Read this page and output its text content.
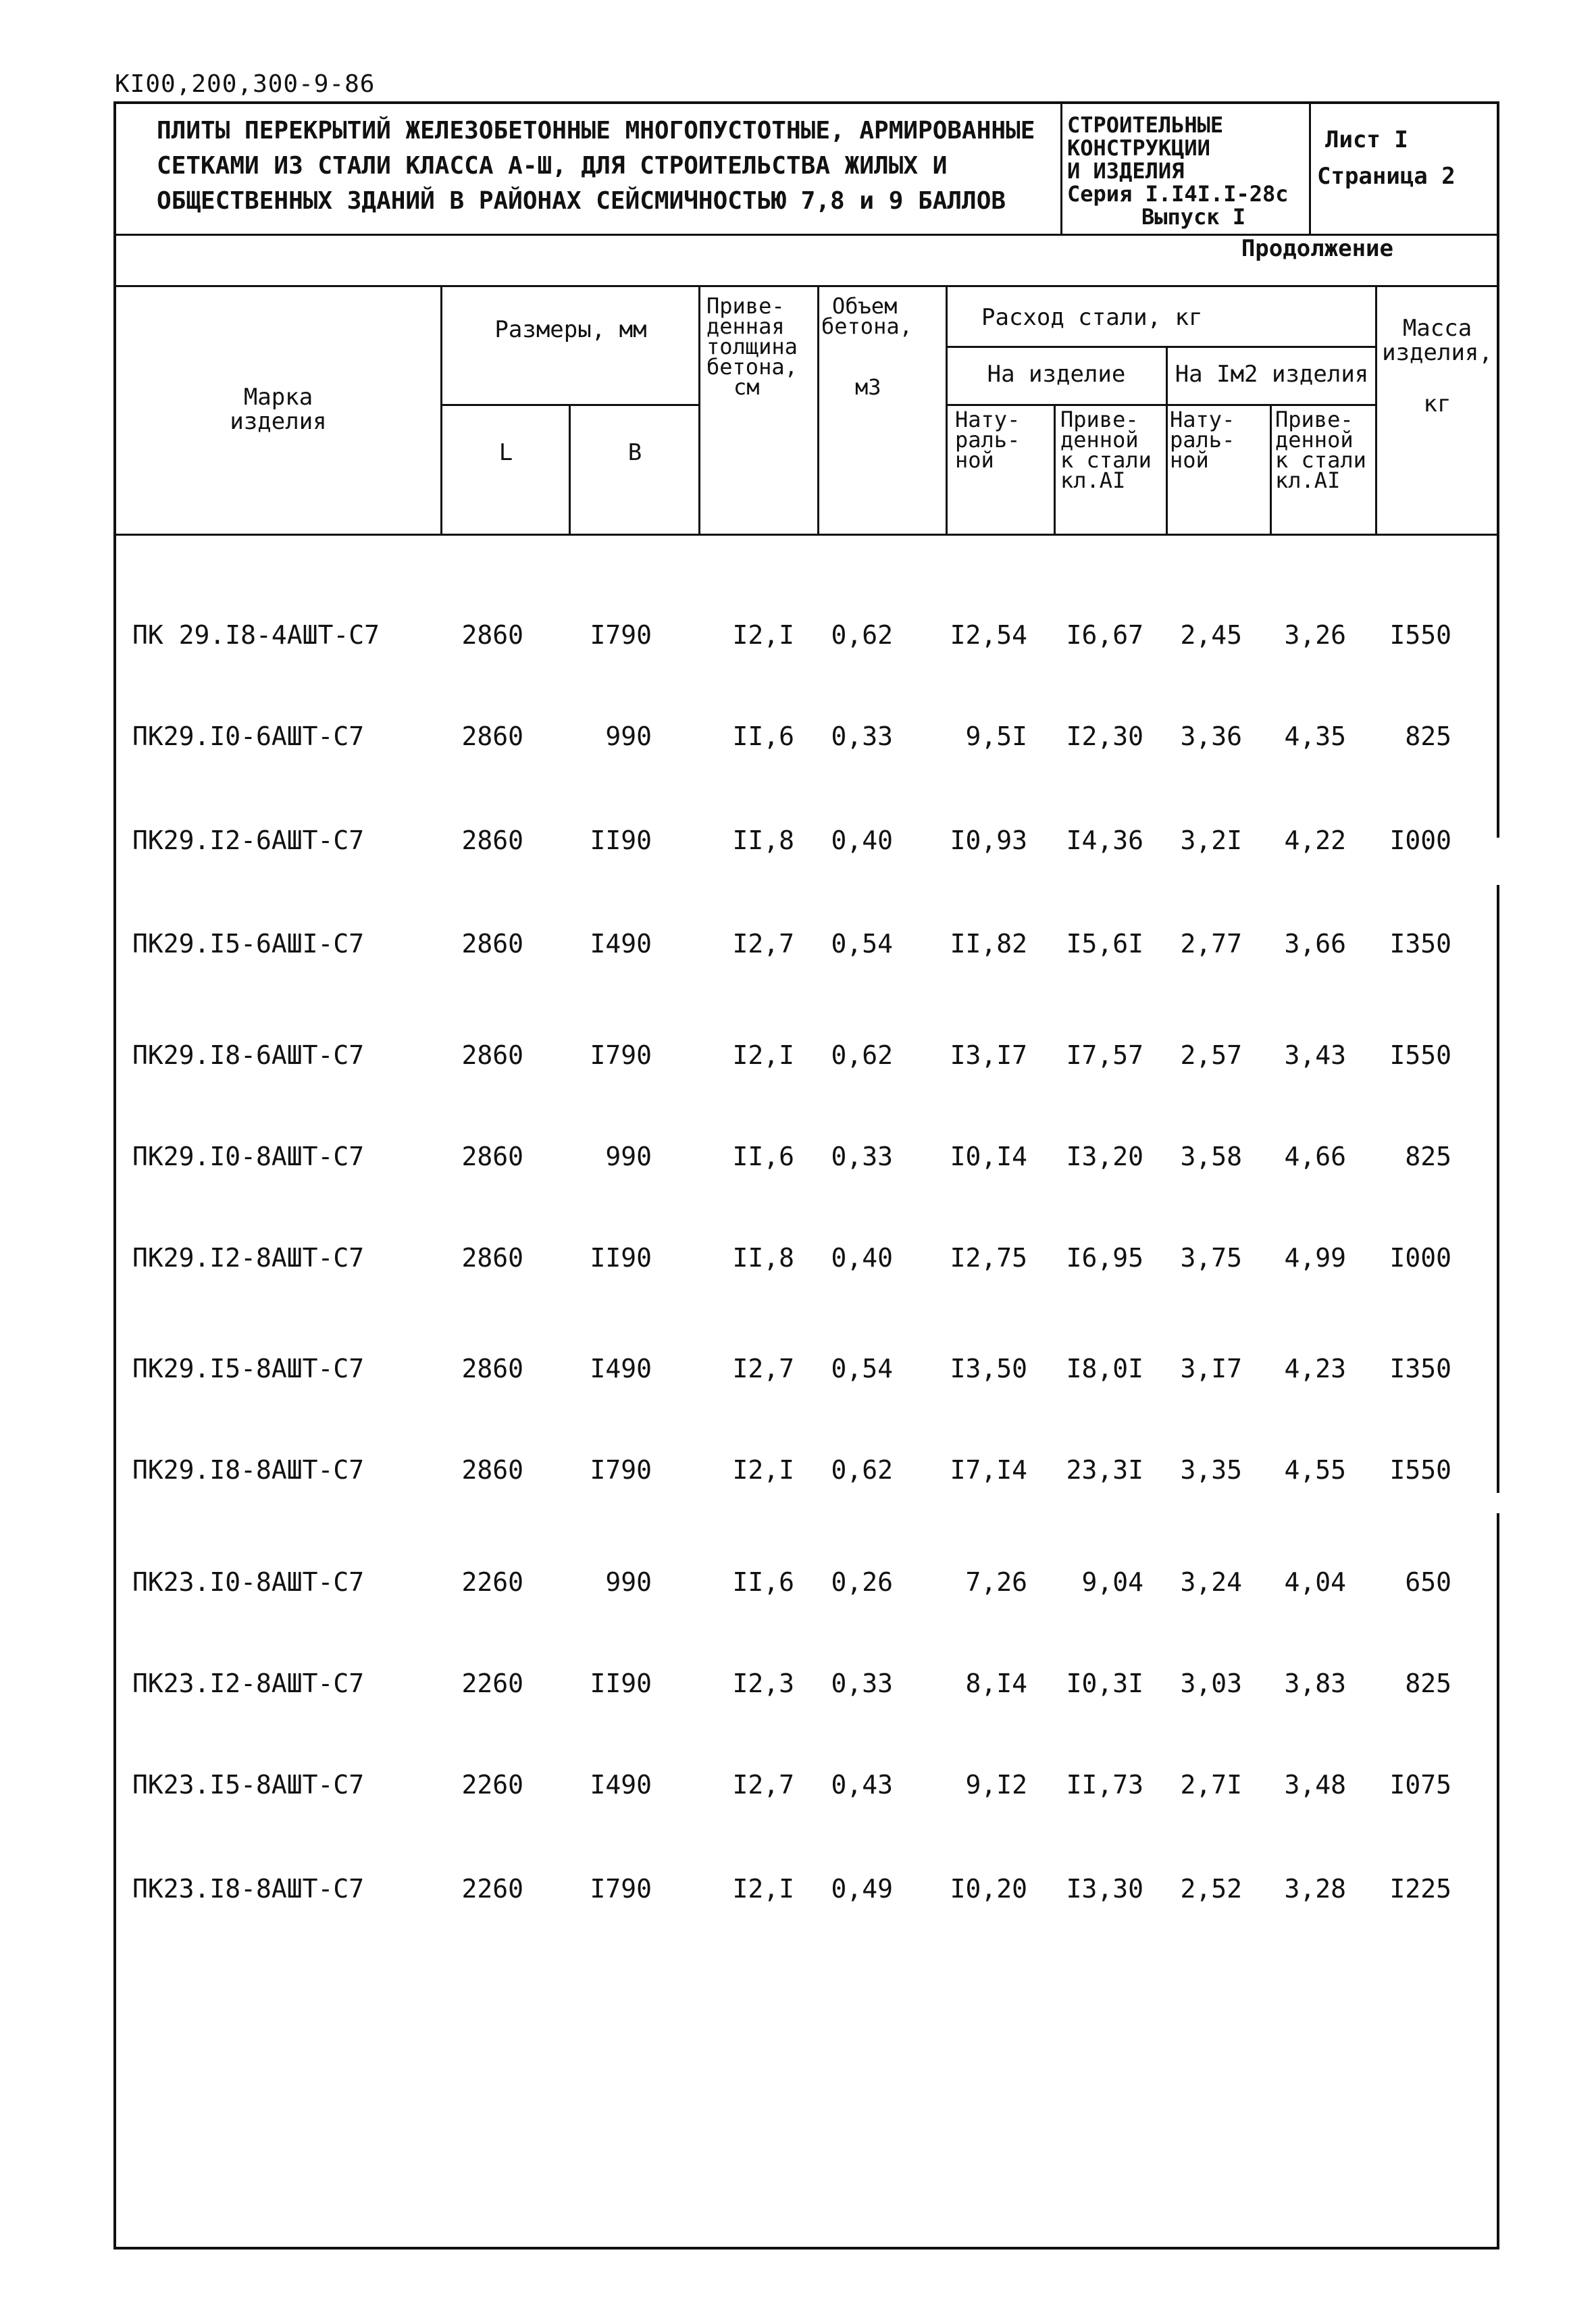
КI00,200,300-9-86
ПЛИТЫ ПЕРЕКРЫТИЙ ЖЕЛЕЗОБЕТОННЫЕ МНОГОПУСТОТНЫЕ, АРМИРОВАННЫЕ
СЕТКАМИ ИЗ СТАЛИ КЛАССА А-Ш, ДЛЯ СТРОИТЕЛЬСТВА ЖИЛЫХ И
ОБЩЕСТВЕННЫХ ЗДАНИЙ В РАЙОНАХ СЕЙСМИЧНОСТЬЮ 7,8 и 9 БАЛЛОВ
СТРОИТЕЛЬНЫЕ
КОНСТРУКЦИИ
И ИЗДЕЛИЯ
Серия I.I4I.I-28с
Выпуск I
Лист I
Страница 2
Продолжение
Марка
изделия
Размеры, мм
L	B
Приве-
денная
толщина
бетона,
см
Объем
бетона,
м3
Расход стали, кг
На изделие	На Iм2 изделия
Нату-
раль-
ной
Приве-
денной
к стали
кл.АI
Нату-
раль-
ной
Приве-
денной
к стали
кл.АI
Масса
изделия,
кг
ПК 29.I8-4АШТ-С7	2860	I790	I2,I	0,62 I2,54	I6,67	2,45	3,26	I550
ПК29.I0-6АШТ-С7	2860	990	II,6	0,33	9,5I	I2,30	3,36	4,35	825
ПК29.I2-6АШТ-С7	2860	II90	II,8	0,40 I0,93	I4,36	3,2I	4,22	I000
ПК29.I5-6АШI-С7	2860	I490	I2,7	0,54 II,82	I5,6I	2,77	3,66	I350
ПК29.I8-6АШТ-С7	2860	I790	I2,I	0,62 I3,I7	I7,57	2,57	3,43	I550
ПК29.I0-8АШТ-С7	2860	990	II,6	0,33 I0,I4	I3,20	3,58	4,66	825
ПК29.I2-8АШТ-С7	2860	II90	II,8	0,40 I2,75	I6,95	3,75	4,99	I000
ПК29.I5-8АШТ-С7	2860	I490	I2,7	0,54 I3,50	I8,0I	3,I7	4,23	I350
ПК29.I8-8АШТ-С7	2860	I790	I2,I	0,62 I7,I4	23,3I	3,35	4,55	I550
ПК23.I0-8АШТ-С7	2260	990	II,6	0,26	7,26	9,04	3,24	4,04	650
ПК23.I2-8АШТ-С7	2260	II90	I2,3	0,33	8,I4	I0,3I	3,03	3,83	825
ПК23.I5-8АШТ-С7	2260	I490	I2,7	0,43	9,I2	II,73	2,7I	3,48	I075
ПК23.I8-8АШТ-С7	2260	I790	I2,I	0,49 I0,20	I3,30	2,52	3,28	I225
